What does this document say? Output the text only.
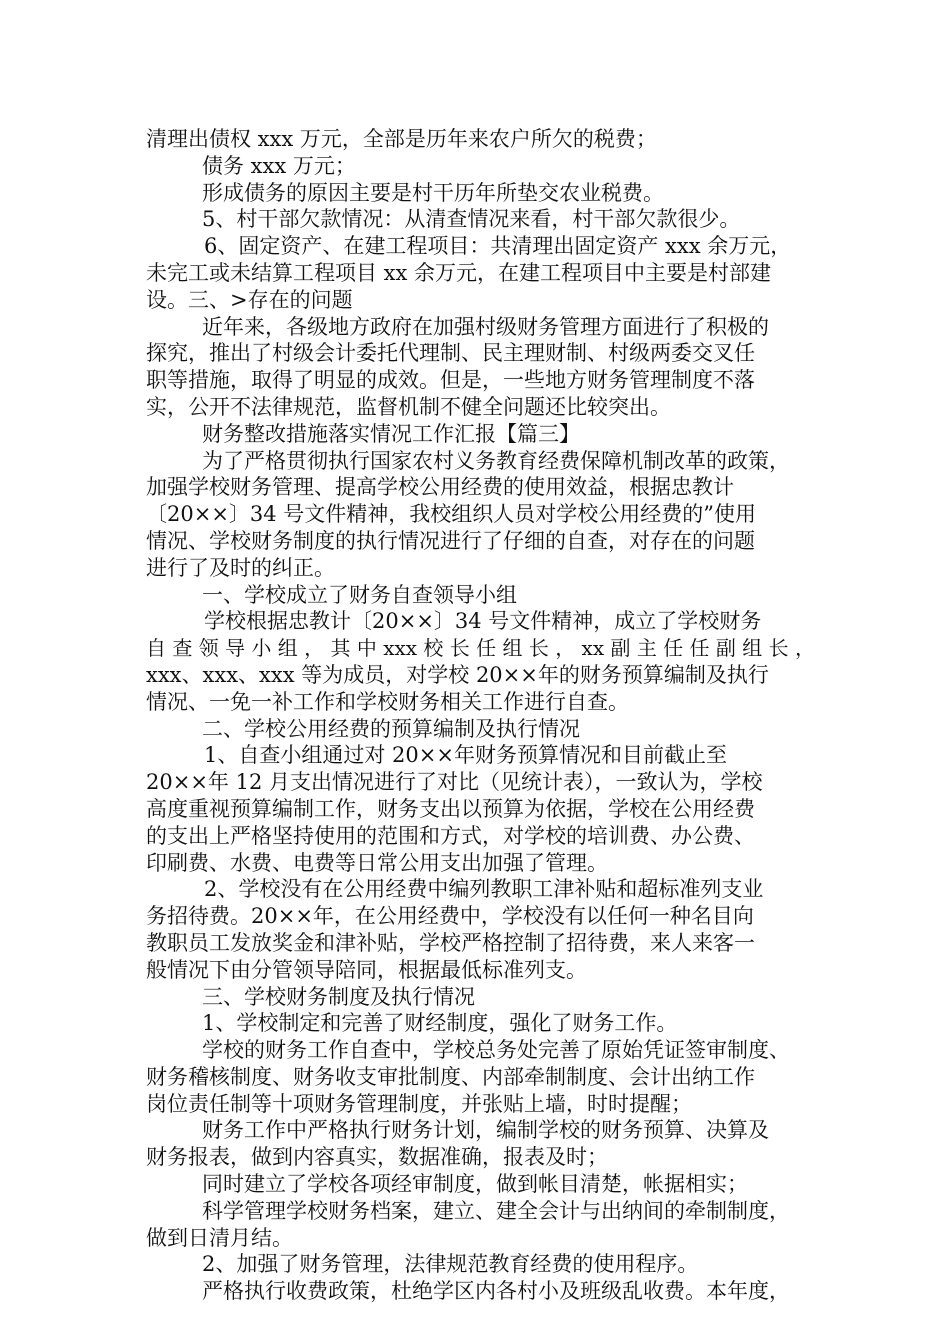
清理出债权 xxx 万元，全部是历年来农户所欠的税费；
债务 xxx 万元；
形成债务的原因主要是村干历年所垫交农业税费。
5、村干部欠款情况：从清查情况来看，村干部欠款很少。
6、固定资产、在建工程项目：共清理出固定资产 xxx 余万元，
未完工或未结算工程项目 xx 余万元，在建工程项目中主要是村部建
设。三、>存在的问题
近年来，各级地方政府在加强村级财务管理方面进行了积极的
探究，推出了村级会计委托代理制、民主理财制、村级两委交叉任
职等措施，取得了明显的成效。但是，一些地方财务管理制度不落
实，公开不法律规范，监督机制不健全问题还比较突出。
财务整改措施落实情况工作汇报【篇三】
为了严格贯彻执行国家农村义务教育经费保障机制改革的政策，
加强学校财务管理、提高学校公用经费的使用效益，根据忠教计
〔20××〕34 号文件精神，我校组织人员对学校公用经费的”使用
情况、学校财务制度的执行情况进行了仔细的自查，对存在的问题
进行了及时的纠正。
一、学校成立了财务自查领导小组
学校根据忠教计〔20××〕34 号文件精神，成立了学校财务
自 查 领 导 小 组 ， 其 中 xxx 校 长 任 组 长 ， xx 副 主 任 任 副 组 长 ，
xxx、xxx、xxx 等为成员，对学校 20××年的财务预算编制及执行
情况、一免一补工作和学校财务相关工作进行自查。
二、学校公用经费的预算编制及执行情况
1、自查小组通过对 20××年财务预算情况和目前截止至
20××年 12 月支出情况进行了对比（见统计表），一致认为，学校
高度重视预算编制工作，财务支出以预算为依据，学校在公用经费
的支出上严格坚持使用的范围和方式，对学校的培训费、办公费、
印刷费、水费、电费等日常公用支出加强了管理。
2、学校没有在公用经费中编列教职工津补贴和超标准列支业
务招待费。20××年，在公用经费中，学校没有以任何一种名目向
教职员工发放奖金和津补贴，学校严格控制了招待费，来人来客一
般情况下由分管领导陪同，根据最低标准列支。
三、学校财务制度及执行情况
1、学校制定和完善了财经制度，强化了财务工作。
学校的财务工作自查中，学校总务处完善了原始凭证签审制度、
财务稽核制度、财务收支审批制度、内部牵制制度、会计出纳工作
岗位责任制等十项财务管理制度，并张贴上墙，时时提醒；
财务工作中严格执行财务计划，编制学校的财务预算、决算及
财务报表，做到内容真实，数据准确，报表及时；
同时建立了学校各项经审制度，做到帐目清楚，帐据相实；
科学管理学校财务档案，建立、建全会计与出纳间的牵制制度，
做到日清月结。
2、加强了财务管理，法律规范教育经费的使用程序。
严格执行收费政策，杜绝学区内各村小及班级乱收费。本年度，
